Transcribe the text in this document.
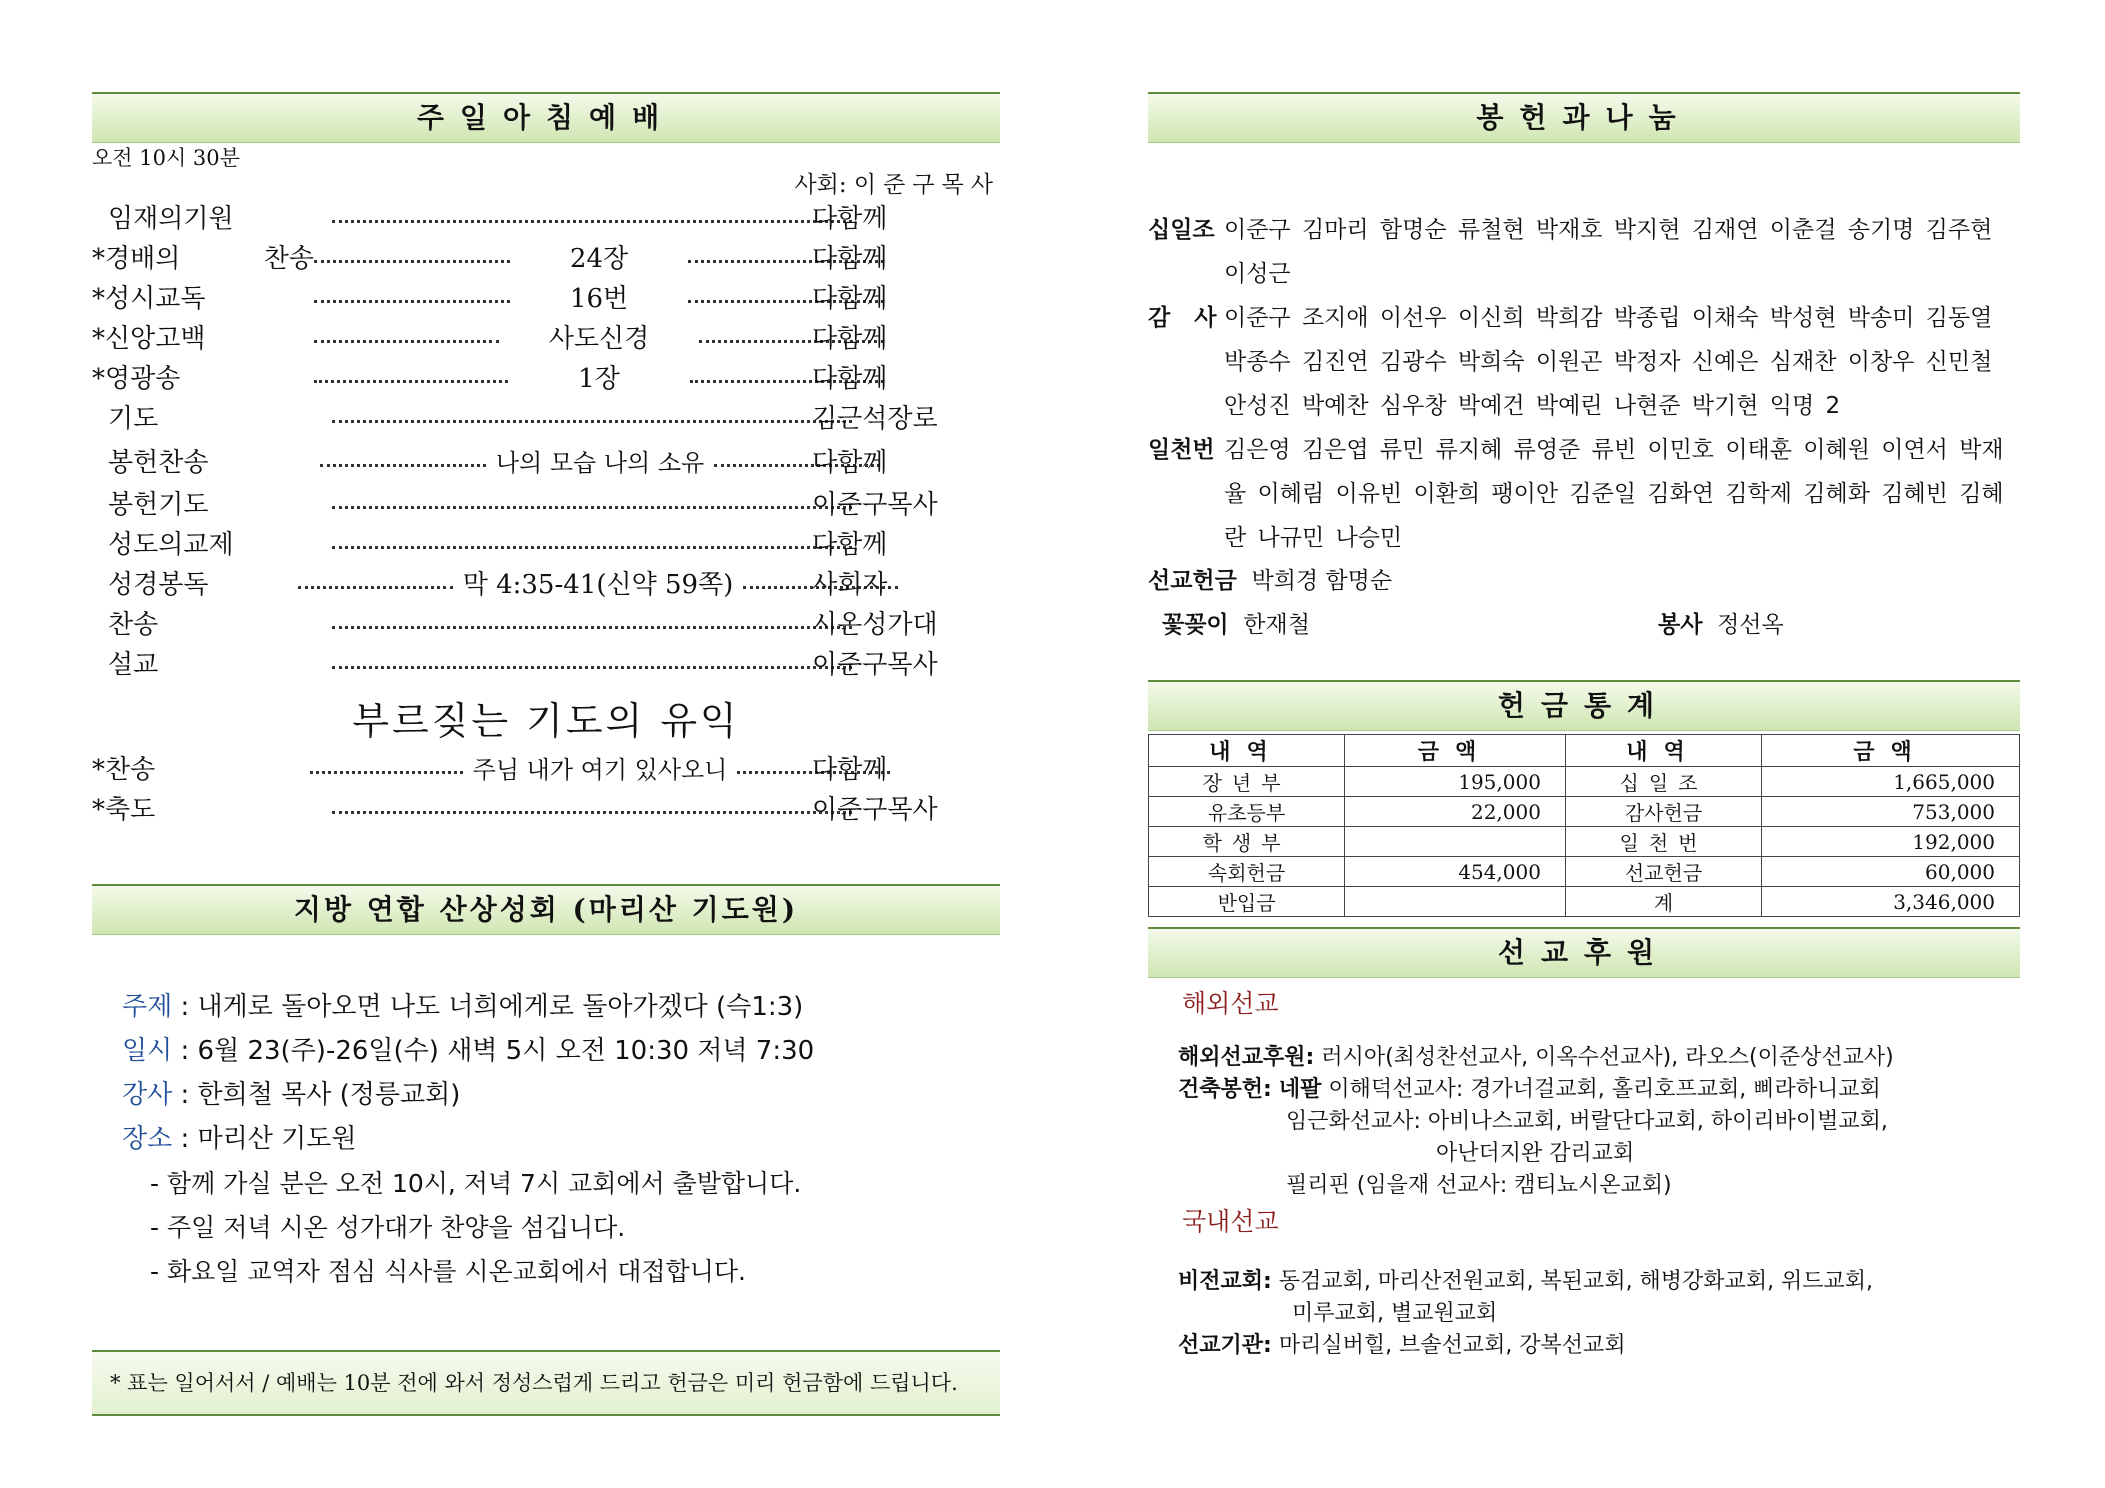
주일아침예배
오전 10시 30분
사회: 이준구목사
임재의기원	다함께
*경배의 찬송	24장	다함께
*성시교독	16번	다함께
*신앙고백	사도신경	다함께
*영광송	1장	다함께
기도	김근석장로
봉헌찬송	나의 모습 나의 소유	다함께
봉헌기도	이준구목사
성도의교제	다함께
성경봉독	막 4:35-41(신약 59쪽)	사회자
찬송	시온성가대
설교	이준구목사
부르짖는 기도의 유익
*찬송	주님 내가 여기 있사오니	다함께
*축도	이준구목사
지방 연합 산상성회 (마리산 기도원)
주제 : 내게로 돌아오면 나도 너희에게로 돌아가겠다 (슥1:3)
일시 : 6월 23(주)-26일(수) 새벽 5시 오전 10:30 저녁 7:30
강사 : 한희철 목사 (정릉교회)
장소 : 마리산 기도원
- 함께 가실 분은 오전 10시, 저녁 7시 교회에서 출발합니다.
- 주일 저녁 시온 성가대가 찬양을 섬깁니다.
- 화요일 교역자 점심 식사를 시온교회에서 대접합니다.
* 표는 일어서서 / 예배는 10분 전에 와서 정성스럽게 드리고 헌금은 미리 헌금함에 드립니다.
봉헌과나눔
십일조 이준구 김마리 함명순 류철현 박재호 박지현 김재연 이춘걸 송기명 김주현 이성근
감 사 이준구 조지애 이선우 이신희 박희감 박종립 이채숙 박성현 박송미 김동열 박종수 김진연 김광수 박희숙 이원곤 박정자 신예은 심재찬 이창우 신민철 안성진 박예찬 심우창 박예건 박예린 나현준 박기현 익명 2
일천번 김은영 김은엽 류민 류지혜 류영준 류빈 이민호 이태훈 이혜원 이연서 박재율 이혜림 이유빈 이환희 팽이안 김준일 김화연 김학제 김혜화 김혜빈 김혜란 나규민 나승민
선교헌금 박희경 함명순
꽃꽂이 한재철	봉사 정선옥
헌금통계
내역	금액	내역	금액
장년부	195,000	십일조	1,665,000
유초등부	22,000	감사헌금	753,000
학생부		일천번	192,000
속회헌금	454,000	선교헌금	60,000
반입금		계	3,346,000
선교후원
해외선교
해외선교후원: 러시아(최성찬선교사, 이옥수선교사), 라오스(이준상선교사)
건축봉헌: 네팔 이해덕선교사: 경가너걸교회, 홀리호프교회, 삐라하니교회
임근화선교사: 아비나스교회, 버랄단다교회, 하이리바이벌교회,
아난더지완 감리교회
필리핀 (임을재 선교사: 캠티뇨시온교회)
국내선교
비전교회: 동검교회, 마리산전원교회, 복된교회, 해병강화교회, 위드교회,
미루교회, 별교원교회
선교기관: 마리실버힐, 브솔선교회, 강복선교회
